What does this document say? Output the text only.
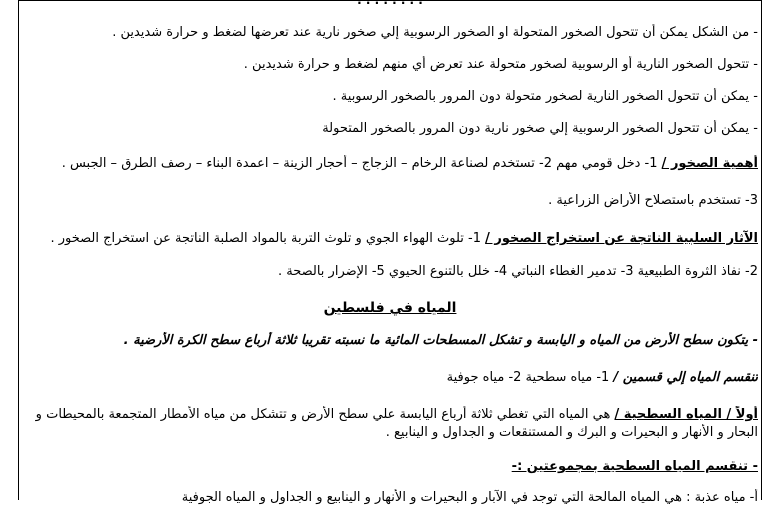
· · · · · · · ·
- من الشكل يمكن أن تتحول الصخور المتحولة او الصخور الرسوبية إلي صخور نارية عند تعرضها لضغط و حرارة شديدين .
- تتحول الصخور النارية أو الرسوبية لصخور متحولة عند تعرض أي منهم لضغط و حرارة شديدين .
- يمكن أن تتحول الصخور النارية لصخور متحولة دون المرور بالصخور الرسوبية .
- يمكن أن تتحول الصخور الرسوبية إلي صخور نارية دون المرور بالصخور المتحولة
أهمية الصخور / 1- دخل قومي مهم 2- تستخدم لصناعة الرخام – الزجاج – أحجار الزينة – اعمدة البناء – رصف الطرق – الجبس .
3- تستخدم باستصلاح الأراض الزراعية .
الآثار السلبية الناتجة عن استخراج الصخور / 1- تلوث الهواء الجوي و تلوث التربة بالمواد الصلبة الناتجة عن استخراج الصخور .
2- نفاذ الثروة الطبيعية 3- تدمير الغطاء النباتي 4- خلل بالتنوع الحيوي 5- الإضرار بالصحة .
المياه في فلسطين
- يتكون سطح الأرض من المياه و اليابسة و تشكل المسطحات المائية ما نسبته تقريبا ثلاثة أرباع سطح الكرة الأرضية .
تنقسم المياه إلي قسمين / 1- مياه سطحية 2- مياه جوفية
أولاً / المياه السطحية / هي المياه التي تغطي ثلاثة أرباع اليابسة علي سطح الأرض و تتشكل من مياه الأمطار المتجمعة بالمحيطات و
البحار و الأنهار و البحيرات و البرك و المستنقعات و الجداول و الينابيع .
- تنقسم المياه السطحية بمجموعتين :-
أ- مياه عذبة : هي المياه المالحة التي توجد في الآبار و البحيرات و الأنهار و الينابيع و الجداول و المياه الجوفية
